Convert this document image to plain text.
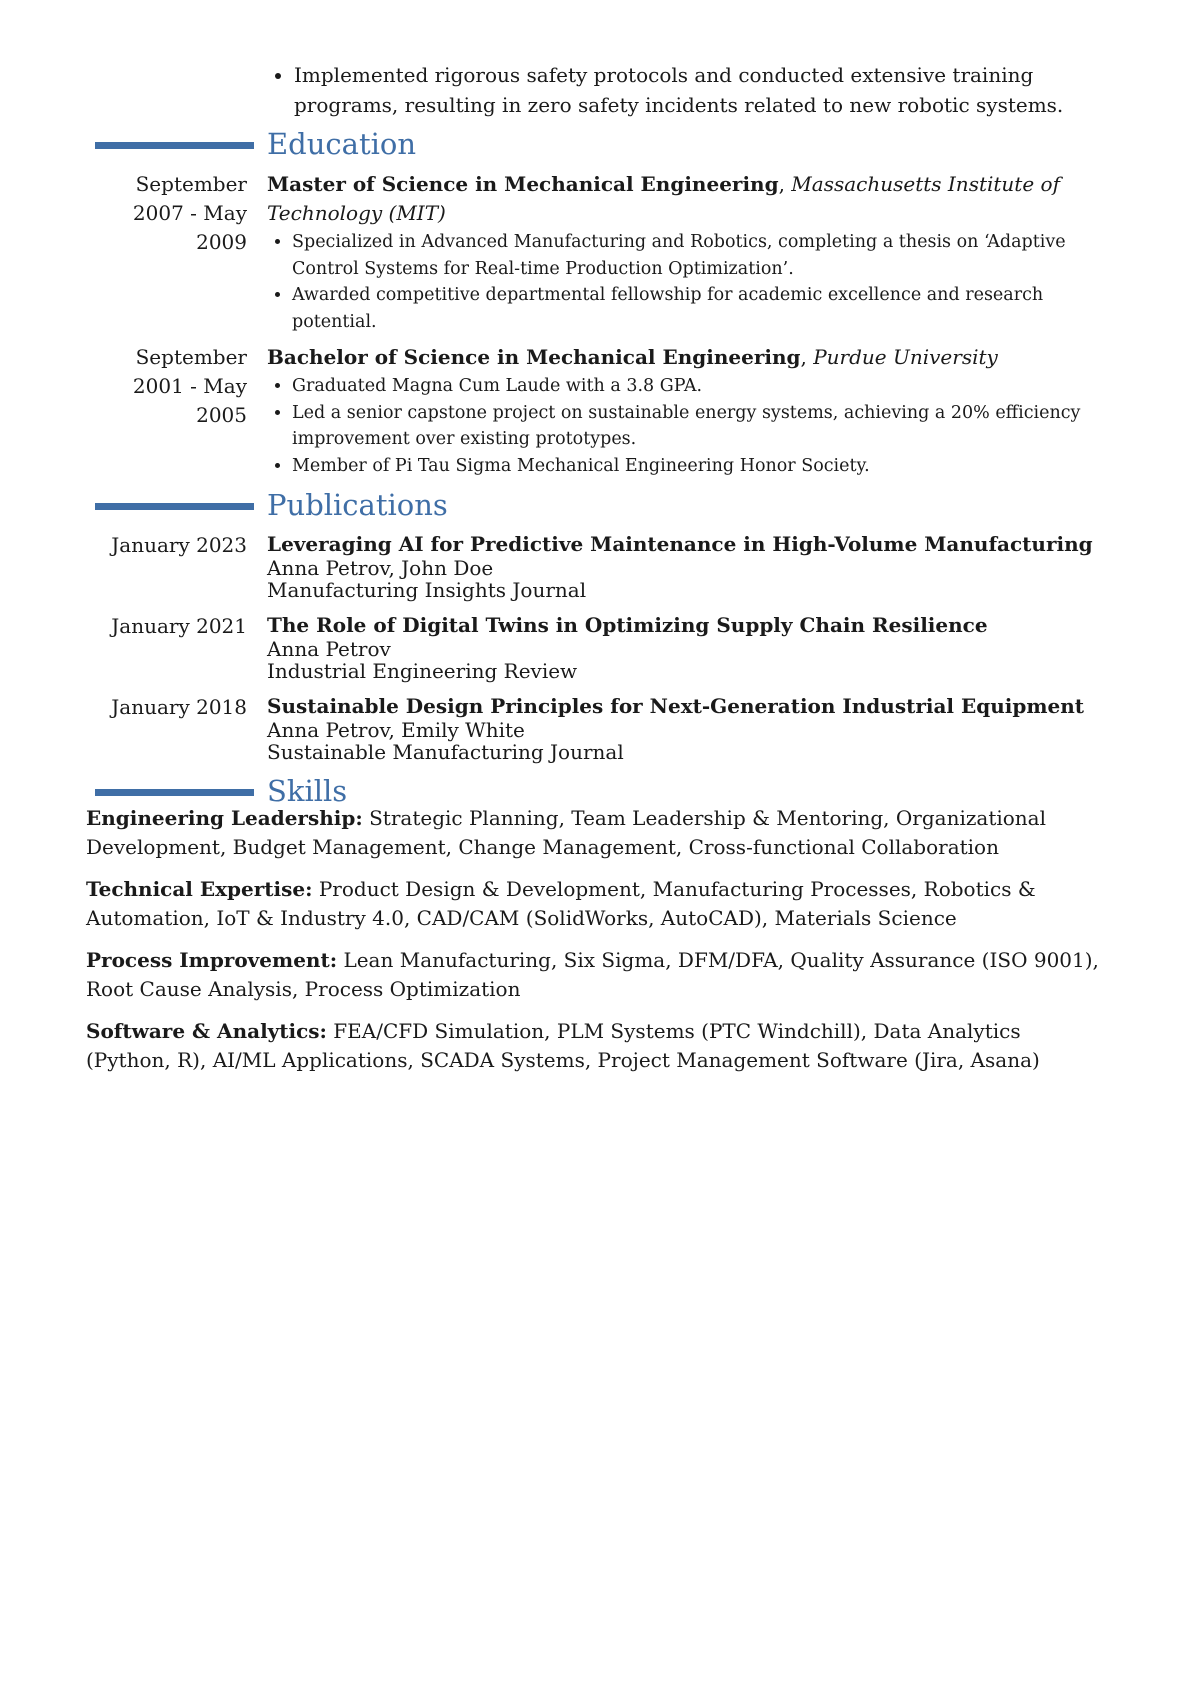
• Implemented rigorous safety protocols and conducted extensive training programs, resulting in zero safety incidents related to new robotic systems.
Education
September 2007 - May 2009
Master of Science in Mechanical Engineering, Massachusetts Institute of Technology (MIT)
• Specialized in Advanced Manufacturing and Robotics, completing a thesis on ‘Adaptive Control Systems for Real-time Production Optimization’.
• Awarded competitive departmental fellowship for academic excellence and research potential.
September 2001 - May 2005
Bachelor of Science in Mechanical Engineering, Purdue University
• Graduated Magna Cum Laude with a 3.8 GPA.
• Led a senior capstone project on sustainable energy systems, achieving a 20% efficiency improvement over existing prototypes.
• Member of Pi Tau Sigma Mechanical Engineering Honor Society.
Publications
January 2023 Leveraging AI for Predictive Maintenance in High-Volume Manufacturing
Anna Petrov, John Doe
Manufacturing Insights Journal
January 2021 The Role of Digital Twins in Optimizing Supply Chain Resilience
Anna Petrov
Industrial Engineering Review
January 2018 Sustainable Design Principles for Next-Generation Industrial Equipment
Anna Petrov, Emily White
Sustainable Manufacturing Journal
Skills
Engineering Leadership: Strategic Planning, Team Leadership & Mentoring, Organizational Development, Budget Management, Change Management, Cross-functional Collaboration
Technical Expertise: Product Design & Development, Manufacturing Processes, Robotics & Automation, IoT & Industry 4.0, CAD/CAM (SolidWorks, AutoCAD), Materials Science
Process Improvement: Lean Manufacturing, Six Sigma, DFM/DFA, Quality Assurance (ISO 9001), Root Cause Analysis, Process Optimization
Software & Analytics: FEA/CFD Simulation, PLM Systems (PTC Windchill), Data Analytics (Python, R), AI/ML Applications, SCADA Systems, Project Management Software (Jira, Asana)
